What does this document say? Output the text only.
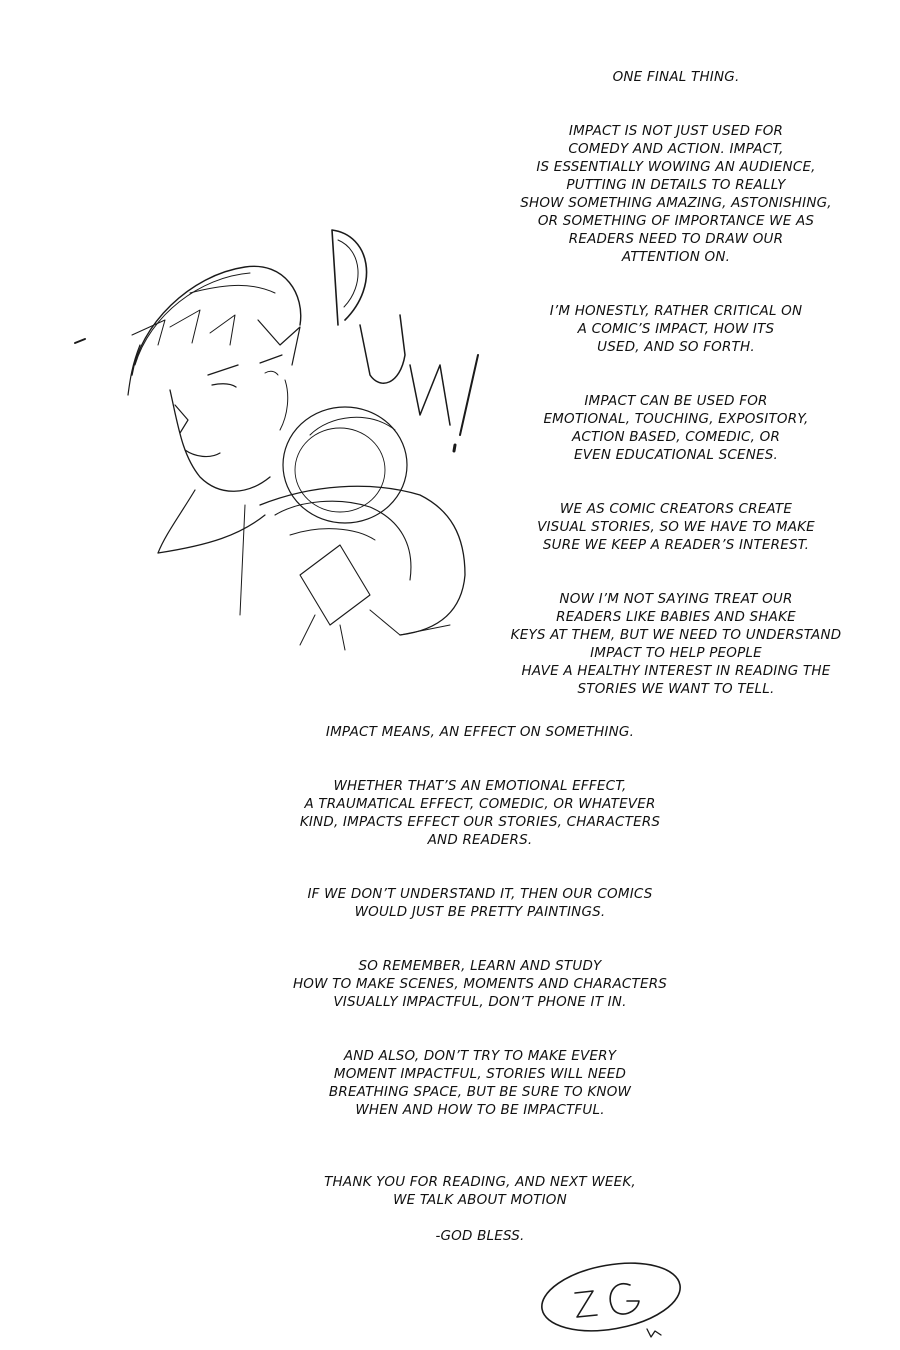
ONE FINAL THING.
IMPACT IS NOT JUST USED FOR
COMEDY AND ACTION. IMPACT,
IS ESSENTIALLY WOWING AN AUDIENCE,
PUTTING IN DETAILS TO REALLY
SHOW SOMETHING AMAZING, ASTONISHING,
OR SOMETHING OF IMPORTANCE WE AS
READERS NEED TO DRAW OUR
ATTENTION ON.
I’M HONESTLY, RATHER CRITICAL ON
A COMIC’S IMPACT, HOW ITS
USED, AND SO FORTH.
IMPACT CAN BE USED FOR
EMOTIONAL, TOUCHING, EXPOSITORY,
ACTION BASED, COMEDIC, OR
EVEN EDUCATIONAL SCENES.
WE AS COMIC CREATORS CREATE
VISUAL STORIES, SO WE HAVE TO MAKE
SURE WE KEEP A READER’S INTEREST.
NOW I’M NOT SAYING TREAT OUR
READERS LIKE BABIES AND SHAKE
KEYS AT THEM, BUT WE NEED TO UNDERSTAND
IMPACT TO HELP PEOPLE
HAVE A HEALTHY INTEREST IN READING THE
STORIES WE WANT TO TELL.
IMPACT MEANS, AN EFFECT ON SOMETHING.
WHETHER THAT’S AN EMOTIONAL EFFECT,
A TRAUMATICAL EFFECT, COMEDIC, OR WHATEVER
KIND, IMPACTS EFFECT OUR STORIES, CHARACTERS
AND READERS.
IF WE DON’T UNDERSTAND IT, THEN OUR COMICS
WOULD JUST BE PRETTY PAINTINGS.
SO REMEMBER, LEARN AND STUDY
HOW TO MAKE SCENES, MOMENTS AND CHARACTERS
VISUALLY IMPACTFUL, DON’T PHONE IT IN.
AND ALSO, DON’T TRY TO MAKE EVERY
MOMENT IMPACTFUL, STORIES WILL NEED
BREATHING SPACE, BUT BE SURE TO KNOW
WHEN AND HOW TO BE IMPACTFUL.
THANK YOU FOR READING, AND NEXT WEEK,
WE TALK ABOUT MOTION
-GOD BLESS.
